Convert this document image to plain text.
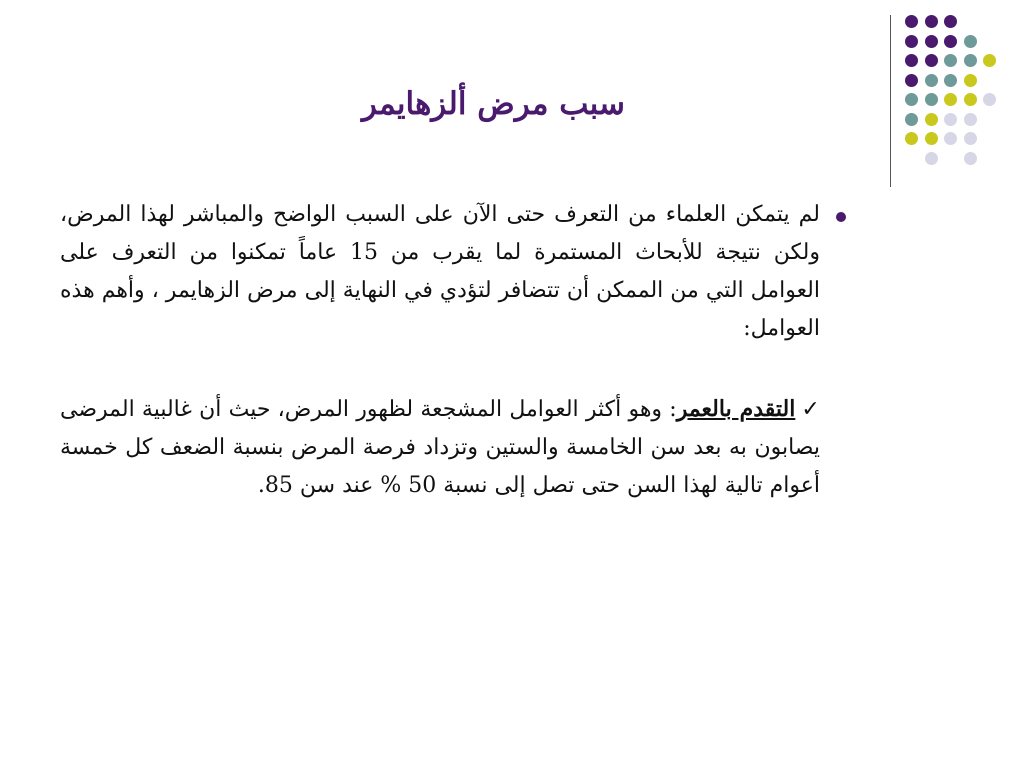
سبب مرض ألزهايمر

لم يتمكن العلماء من التعرف حتى الآن على السبب الواضح والمباشر لهذا المرض، ولكن نتيجة للأبحاث المستمرة لما يقرب من 15 عاماً تمكنوا من التعرف على العوامل التي من الممكن أن تتضافر لتؤدي في النهاية إلى مرض الزهايمر ، وأهم هذه العوامل:

✓التقدم بالعمر: وهو أكثر العوامل المشجعة لظهور المرض، حيث أن غالبية المرضى يصابون به بعد سن الخامسة والستين وتزداد فرصة المرض بنسبة الضعف كل خمسة أعوام تالية لهذا السن حتى تصل إلى نسبة 50 % عند سن 85.
